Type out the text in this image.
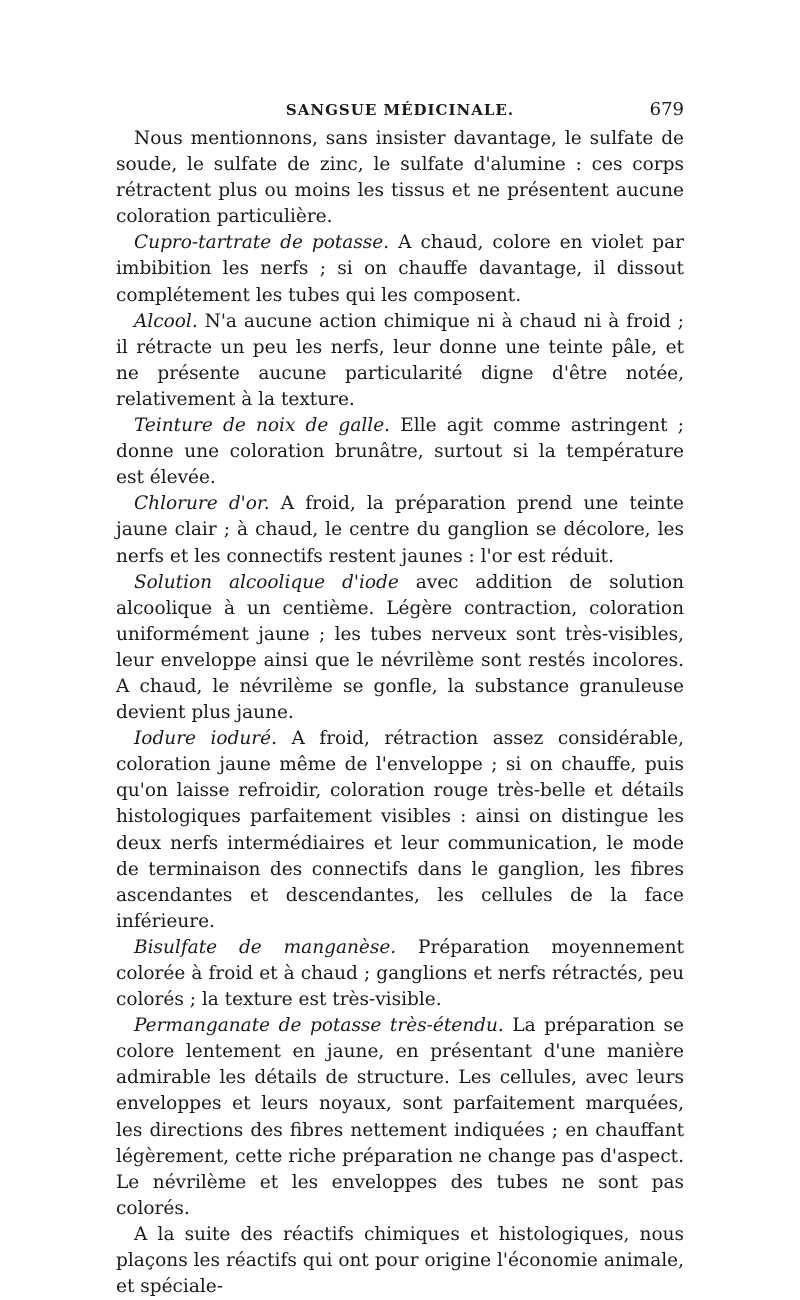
SANGSUE MÉDICINALE.	679

Nous mentionnons, sans insister davantage, le sulfate de soude, le sulfate de zinc, le sulfate d'alumine : ces corps rétractent plus ou moins les tissus et ne présentent aucune coloration particulière.

Cupro-tartrate de potasse. A chaud, colore en violet par imbibition les nerfs ; si on chauffe davantage, il dissout complétement les tubes qui les composent.

Alcool. N'a aucune action chimique ni à chaud ni à froid ; il rétracte un peu les nerfs, leur donne une teinte pâle, et ne présente aucune particularité digne d'être notée, relativement à la texture.

Teinture de noix de galle. Elle agit comme astringent ; donne une coloration brunâtre, surtout si la température est élevée.

Chlorure d'or. A froid, la préparation prend une teinte jaune clair ; à chaud, le centre du ganglion se décolore, les nerfs et les connectifs restent jaunes : l'or est réduit.

Solution alcoolique d'iode avec addition de solution alcoolique à un centième. Légère contraction, coloration uniformément jaune ; les tubes nerveux sont très-visibles, leur enveloppe ainsi que le névrilème sont restés incolores. A chaud, le névrilème se gonfle, la substance granuleuse devient plus jaune.

Iodure ioduré. A froid, rétraction assez considérable, coloration jaune même de l'enveloppe ; si on chauffe, puis qu'on laisse refroidir, coloration rouge très-belle et détails histologiques parfaitement visibles : ainsi on distingue les deux nerfs intermédiaires et leur communication, le mode de terminaison des connectifs dans le ganglion, les fibres ascendantes et descendantes, les cellules de la face inférieure.

Bisulfate de manganèse. Préparation moyennement colorée à froid et à chaud ; ganglions et nerfs rétractés, peu colorés ; la texture est très-visible.

Permanganate de potasse très-étendu. La préparation se colore lentement en jaune, en présentant d'une manière admirable les détails de structure. Les cellules, avec leurs enveloppes et leurs noyaux, sont parfaitement marquées, les directions des fibres nettement indiquées ; en chauffant légèrement, cette riche préparation ne change pas d'aspect. Le névrilème et les enveloppes des tubes ne sont pas colorés.

A la suite des réactifs chimiques et histologiques, nous plaçons les réactifs qui ont pour origine l'économie animale, et spéciale-
